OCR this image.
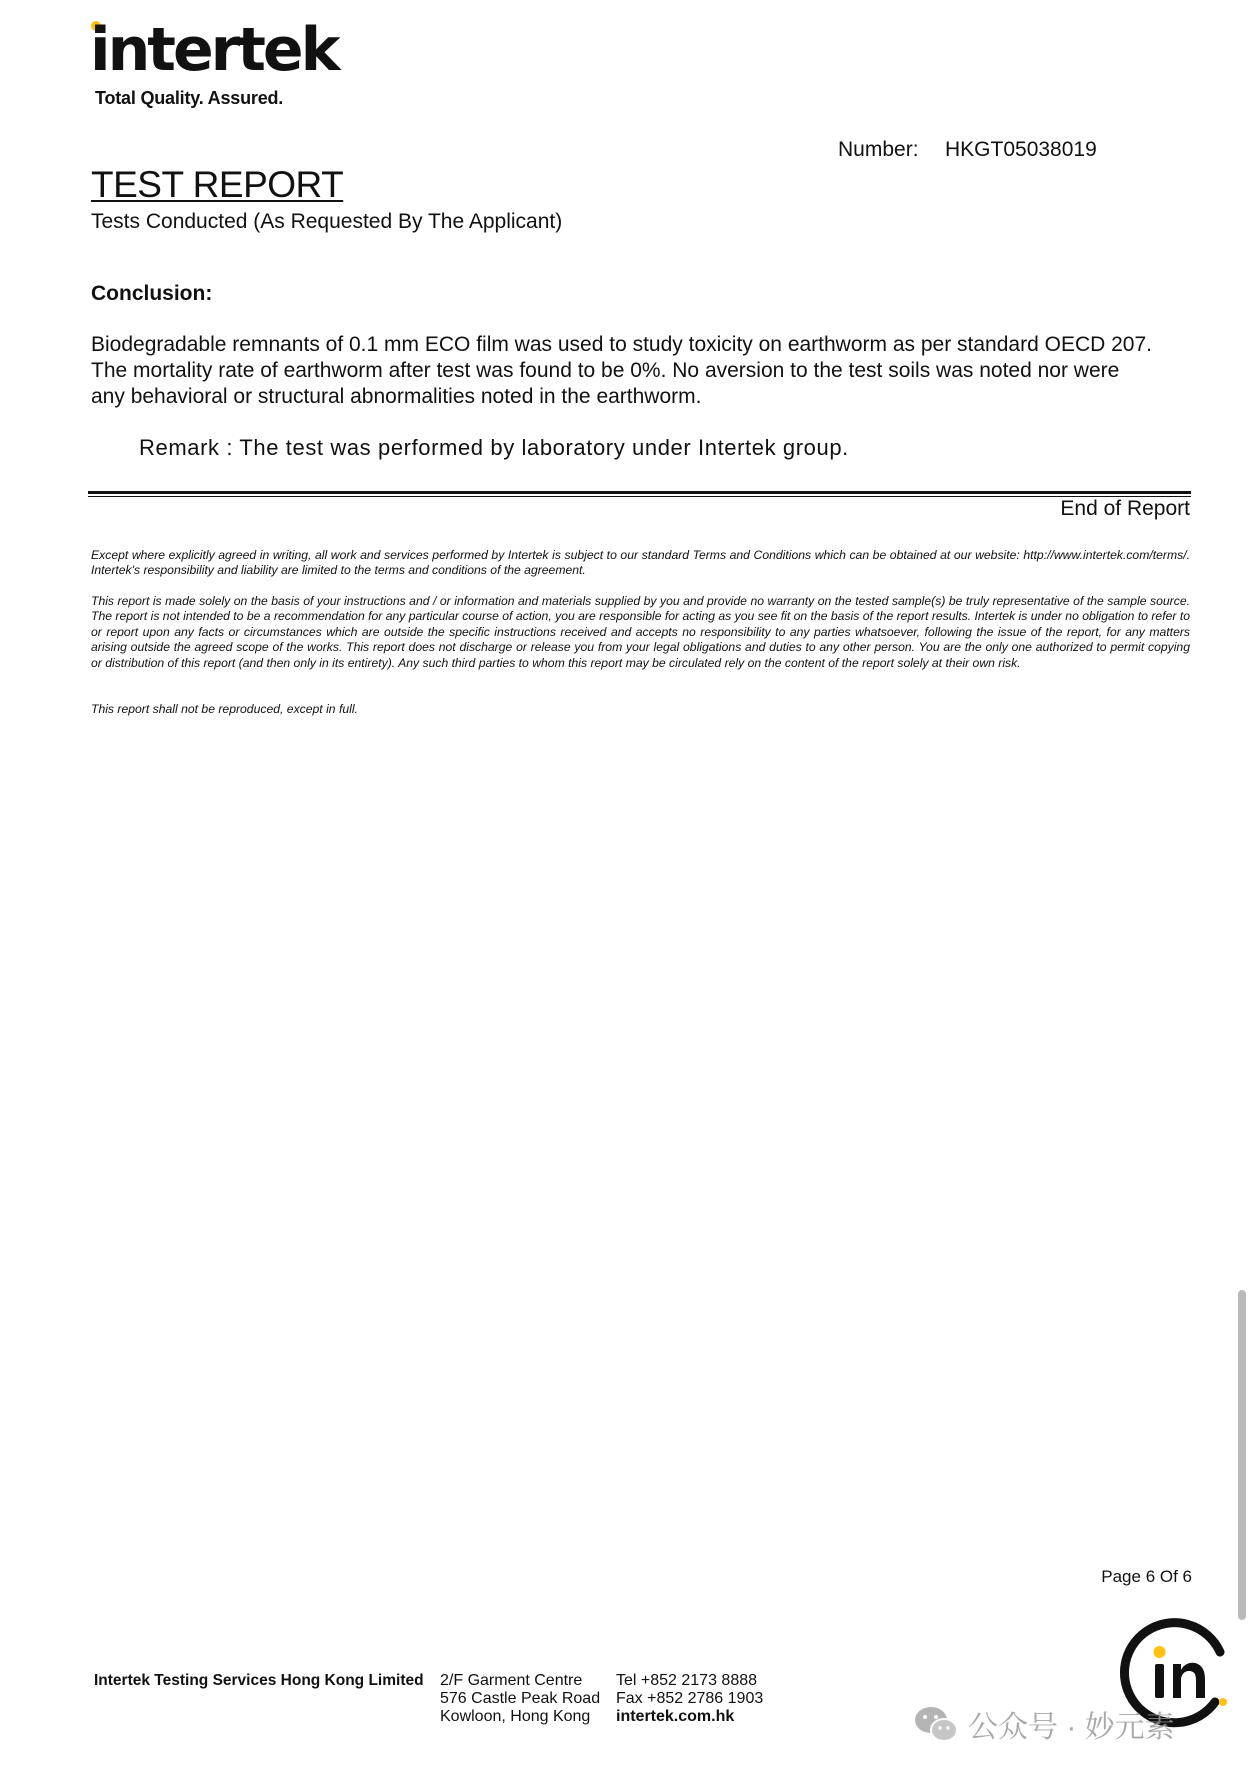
intertek
Total Quality. Assured.
Number: HKGT05038019
TEST REPORT
Tests Conducted (As Requested By The Applicant)
Conclusion:
Biodegradable remnants of 0.1 mm ECO film was used to study toxicity on earthworm as per standard OECD 207.
The mortality rate of earthworm after test was found to be 0%. No aversion to the test soils was noted nor were
any behavioral or structural abnormalities noted in the earthworm.
Remark : The test was performed by laboratory under Intertek group.
End of Report
Except where explicitly agreed in writing, all work and services performed by Intertek is subject to our standard Terms and Conditions which can be obtained at our website: http://www.intertek.com/terms/. Intertek's responsibility and liability are limited to the terms and conditions of the agreement.
This report is made solely on the basis of your instructions and / or information and materials supplied by you and provide no warranty on the tested sample(s) be truly representative of the sample source. The report is not intended to be a recommendation for any particular course of action, you are responsible for acting as you see fit on the basis of the report results. Intertek is under no obligation to refer to or report upon any facts or circumstances which are outside the specific instructions received and accepts no responsibility to any parties whatsoever, following the issue of the report, for any matters arising outside the agreed scope of the works. This report does not discharge or release you from your legal obligations and duties to any other person. You are the only one authorized to permit copying or distribution of this report (and then only in its entirety). Any such third parties to whom this report may be circulated rely on the content of the report solely at their own risk.
This report shall not be reproduced, except in full.
Page 6 Of 6
Intertek Testing Services Hong Kong Limited 2/F Garment Centre
576 Castle Peak Road
Kowloon, Hong Kong
Tel +852 2173 8888
Fax +852 2786 1903
intertek.com.hk	公众号 · 妙元素
